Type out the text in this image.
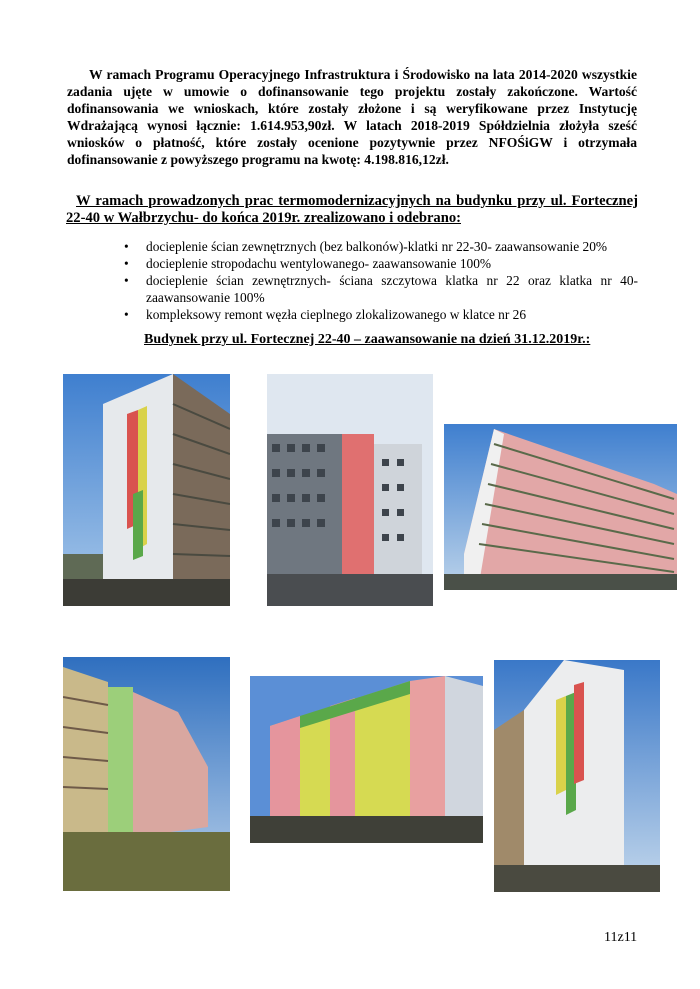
W ramach Programu Operacyjnego Infrastruktura i Środowisko na lata 2014-2020 wszystkie zadania ujęte w umowie o dofinansowanie tego projektu zostały zakończone. Wartość dofinansowania we wnioskach, które zostały złożone i są weryfikowane przez Instytucję Wdrażającą wynosi łącznie: 1.614.953,90zł. W latach 2018-2019 Spółdzielnia złożyła sześć wniosków o płatność, które zostały ocenione pozytywnie przez NFOŚiGW i otrzymała dofinansowanie z powyższego programu na kwotę: 4.198.816,12zł.

W ramach prowadzonych prac termomodernizacyjnych na budynku przy ul. Fortecznej 22-40 w Wałbrzychu- do końca 2019r. zrealizowano i odebrano:

• docieplenie ścian zewnętrznych (bez balkonów)-klatki nr 22-30- zaawansowanie 20%
• docieplenie stropodachu wentylowanego- zaawansowanie 100%
• docieplenie ścian zewnętrznych- ściana szczytowa klatka nr 22 oraz klatka nr 40- zaawansowanie 100%
• kompleksowy remont węzła cieplnego zlokalizowanego w klatce nr 26

Budynek przy ul. Fortecznej 22-40 – zaawansowanie na dzień 31.12.2019r.:

11z11
